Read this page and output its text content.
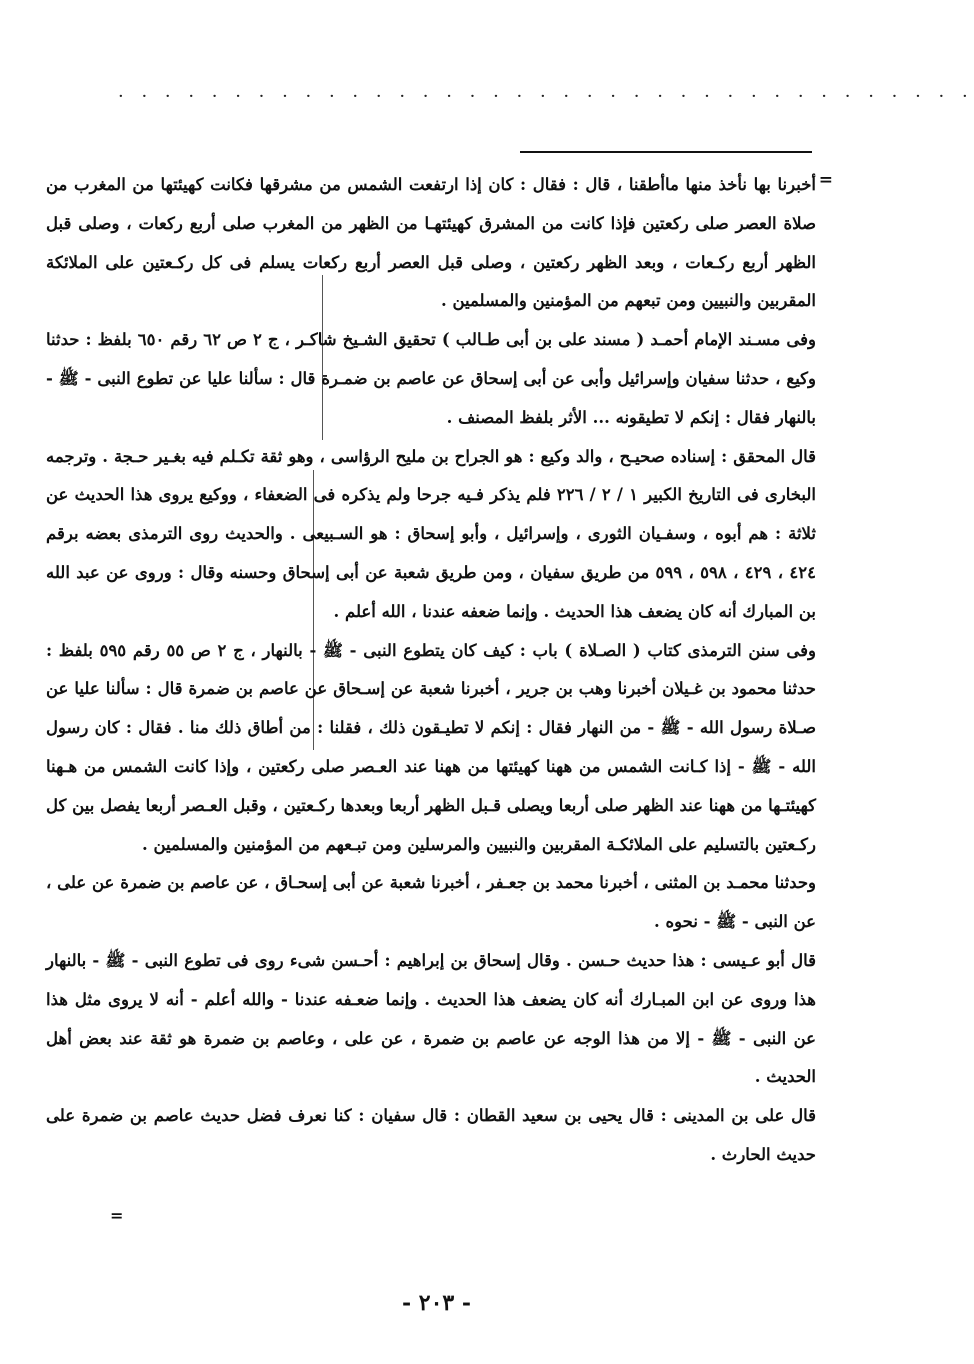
· · · · · · · · · · · · · · · · · · · · · · · · · · · · · · · · · · · · ·
=

أخبرنا بها نأخذ منها ماأطقنا ، قال : فقال : كان إذا ارتفعت الشمس من مشرقها فكانت كهيئتها من المغرب من صلاة العصر صلى ركعتين فإذا كانت من المشرق كهيئتهـا من الظهر من المغرب صلى أربع ركعات ، وصلى قبل الظهر أربع ركـعات ، وبعد الظهر ركعتين ، وصلى قبل العصر أربع ركعات يسلم فى كل ركـعتين على الملائكة المقربين والنبيين ومن تبعهم من المؤمنين والمسلمين .

وفى مسـند الإمام أحمـد ( مسند على بن أبى طـالب ) تحقيق الشـيخ شاكـر ، ج ٢ ص ٦٢ رقم ٦٥٠ بلفظ : حدثنا وكيع ، حدثنا سفيان وإسرائيل وأبى عن أبى إسحاق عن عاصم بن ضمـرة قال : سألنا عليا عن تطوع النبى - ﷺ - بالنهار فقال : إنكم لا تطيقونه ... الأثر بلفظ المصنف .

قال المحقق : إسناده صحيـح ، والد وكيع : هو الجراح بن مليح الرؤاسى ، وهو ثقة تكـلم فيه بغـير حـجة . وترجمه البخارى فى التاريخ الكبير ١ / ٢ / ٢٢٦ فلم يذكر فـيه جرحا ولم يذكره فى الضعفاء ، ووكيع يروى هذا الحديث عن ثلاثة : هم أبوه ، وسفـيان الثورى ، وإسرائيل ، وأبو إسحاق : هو السـبيعى . والحديث روى الترمذى بعضه برقم ٤٢٤ ، ٤٢٩ ، ٥٩٨ ، ٥٩٩ من طريق سفيان ، ومن طريق شعبة عن أبى إسحاق وحسنه وقال : وروى عن عبد الله بن المبارك أنه كان يضعف هذا الحديث . وإنما ضعفه عندنا ، الله أعلم .

وفى سنن الترمذى كتاب ( الصـلاة ) باب : كيف كان يتطوع النبى - ﷺ - بالنهار ، ج ٢ ص ٥٥ رقم ٥٩٥ بلفظ : حدثنا محمود بن غـيلان أخبرنا وهب بن جرير ، أخبرنا شعبة عن إسـحاق عن عاصم بن ضمرة قال : سألنا عليا عن صـلاة رسول الله - ﷺ - من النهار فقال : إنكم لا تطيـقون ذلك ، فقلنا : من أطاق ذلك منا . فقال : كان رسول الله - ﷺ - إذا كـانت الشمس من ههنا كهيئتها من ههنا عند العـصر صلى ركعتين ، وإذا كانت الشمس من هـهنا كهيئتـها من ههنا عند الظهر صلى أربعا ويصلى قـبل الظهر أربعا وبعدها ركـعتين ، وقبل العـصر أربعا يفصل بين كل ركـعتين بالتسليم على الملائكـة المقربين والنبيين والمرسلين ومن تبـعهم من المؤمنين والمسلمين .

وحدثنا محمـد بن المثنى ، أخبرنا محمد بن جعـفر ، أخبرنا شعبة عن أبى إسحـاق ، عن عاصم بن ضمرة عن على ، عن النبى - ﷺ - نحوه .

قال أبو عـيسى : هذا حديث حـسن . وقال إسحاق بن إبراهيم : أحـسن شىء روى فى تطوع النبى - ﷺ - بالنهار هذا وروى عن ابن المبـارك أنه كان يضعف هذا الحديث . وإنما ضعـفه عندنا - والله أعلم - أنه لا يروى مثل هذا عن النبى - ﷺ - إلا من هذا الوجه عن عاصم بن ضمرة ، عن على ، وعاصم بن ضمرة هو ثقة عند بعض أهل الحديث .

قال على بن المدينى : قال يحيى بن سعيد القطان : قال سفيان : كنا نعرف فضل حديث عاصم بن ضمرة على حديث الحارث .

=
- ٢٠٣ -
